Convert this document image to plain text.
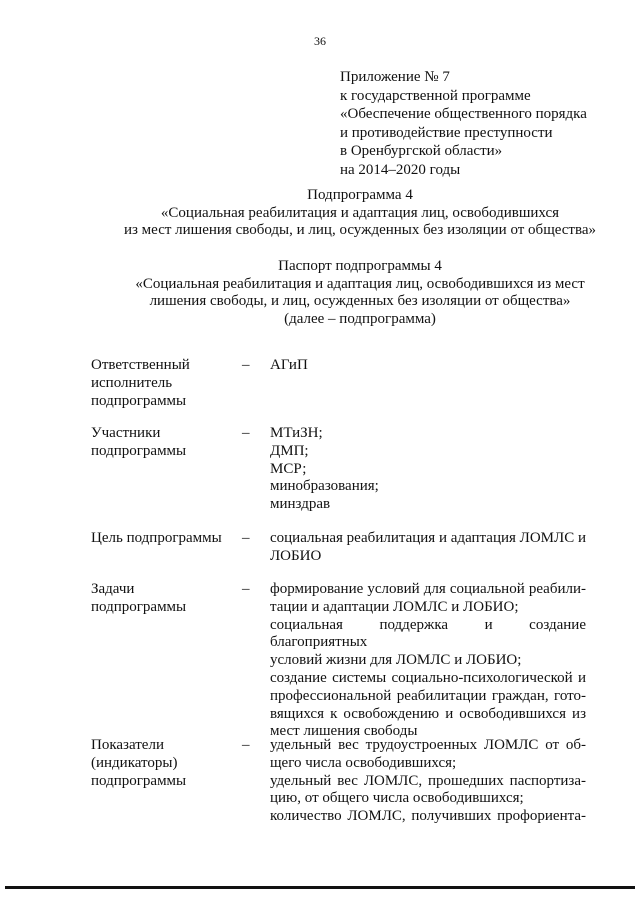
36
Приложение № 7
к государственной программе
«Обеспечение общественного порядка
и противодействие преступности
в Оренбургской области»
на 2014–2020 годы
Подпрограмма 4
«Социальная реабилитация и адаптация лиц, освободившихся
из мест лишения свободы, и лиц, осужденных без изоляции от общества»
Паспорт подпрограммы 4
«Социальная реабилитация и адаптация лиц, освободившихся из мест
лишения свободы, и лиц, осужденных без изоляции от общества»
(далее – подпрограмма)
Ответственный
исполнитель
подпрограммы
– АГиП
Участники
подпрограммы
– МТиЗН;
ДМП;
МСР;
минобразования;
минздрав
Цель подпрограммы	– социальная реабилитация и адаптация ЛОМЛС и
ЛОБИО
Задачи
подпрограммы
– формирование условий для социальной реабили-
тации и адаптации ЛОМЛС и ЛОБИО;
социальная поддержка и создание благоприятных
условий жизни для ЛОМЛС и ЛОБИО;
создание системы социально-психологической и
профессиональной реабилитации граждан, гото-
вящихся к освобождению и освободившихся из
мест лишения свободы
Показатели
(индикаторы)
подпрограммы
– удельный вес трудоустроенных ЛОМЛС от об-
щего числа освободившихся;
удельный вес ЛОМЛС, прошедших паспортиза-
цию, от общего числа освободившихся;
количество ЛОМЛС, получивших профориента-
